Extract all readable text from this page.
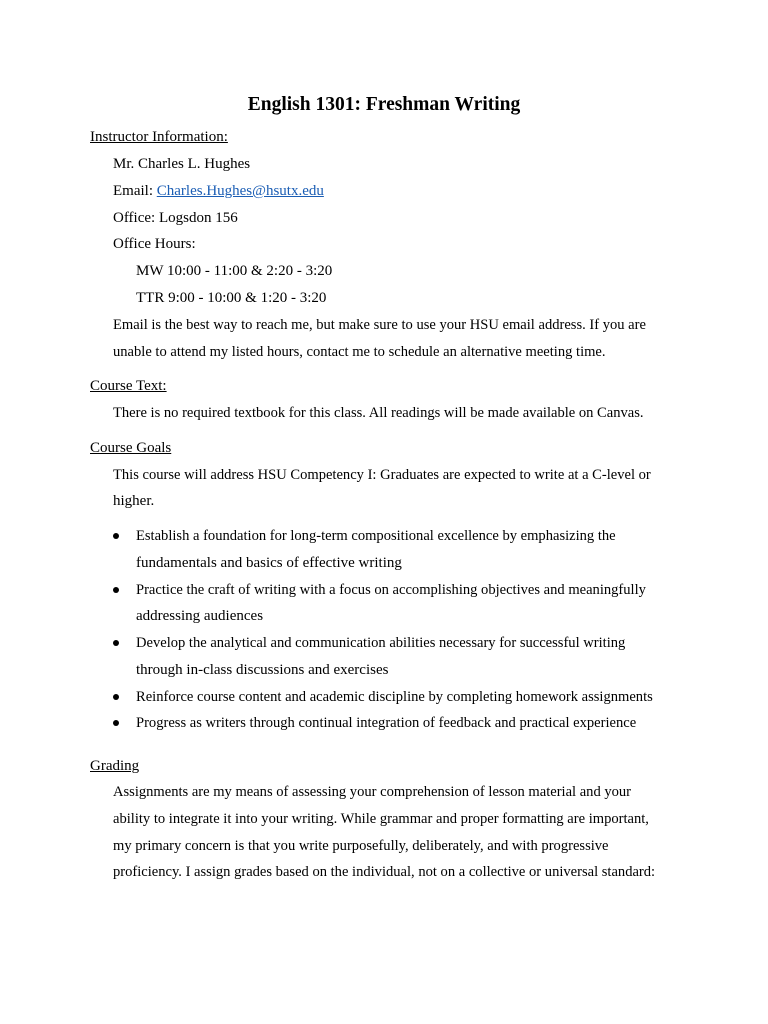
English 1301: Freshman Writing
Instructor Information:
Mr. Charles L. Hughes
Email: Charles.Hughes@hsutx.edu
Office: Logsdon 156
Office Hours:
MW 10:00 - 11:00 & 2:20 - 3:20
TTR 9:00 - 10:00 & 1:20 - 3:20
Email is the best way to reach me, but make sure to use your HSU email address. If you are
unable to attend my listed hours, contact me to schedule an alternative meeting time.
Course Text:
There is no required textbook for this class. All readings will be made available on Canvas.
Course Goals
This course will address HSU Competency I: Graduates are expected to write at a C-level or
higher.
Establish a foundation for long-term compositional excellence by emphasizing the
fundamentals and basics of effective writing
Practice the craft of writing with a focus on accomplishing objectives and meaningfully
addressing audiences
Develop the analytical and communication abilities necessary for successful writing
through in-class discussions and exercises
Reinforce course content and academic discipline by completing homework assignments
Progress as writers through continual integration of feedback and practical experience
Grading
Assignments are my means of assessing your comprehension of lesson material and your
ability to integrate it into your writing. While grammar and proper formatting are important,
my primary concern is that you write purposefully, deliberately, and with progressive
proficiency. I assign grades based on the individual, not on a collective or universal standard:
